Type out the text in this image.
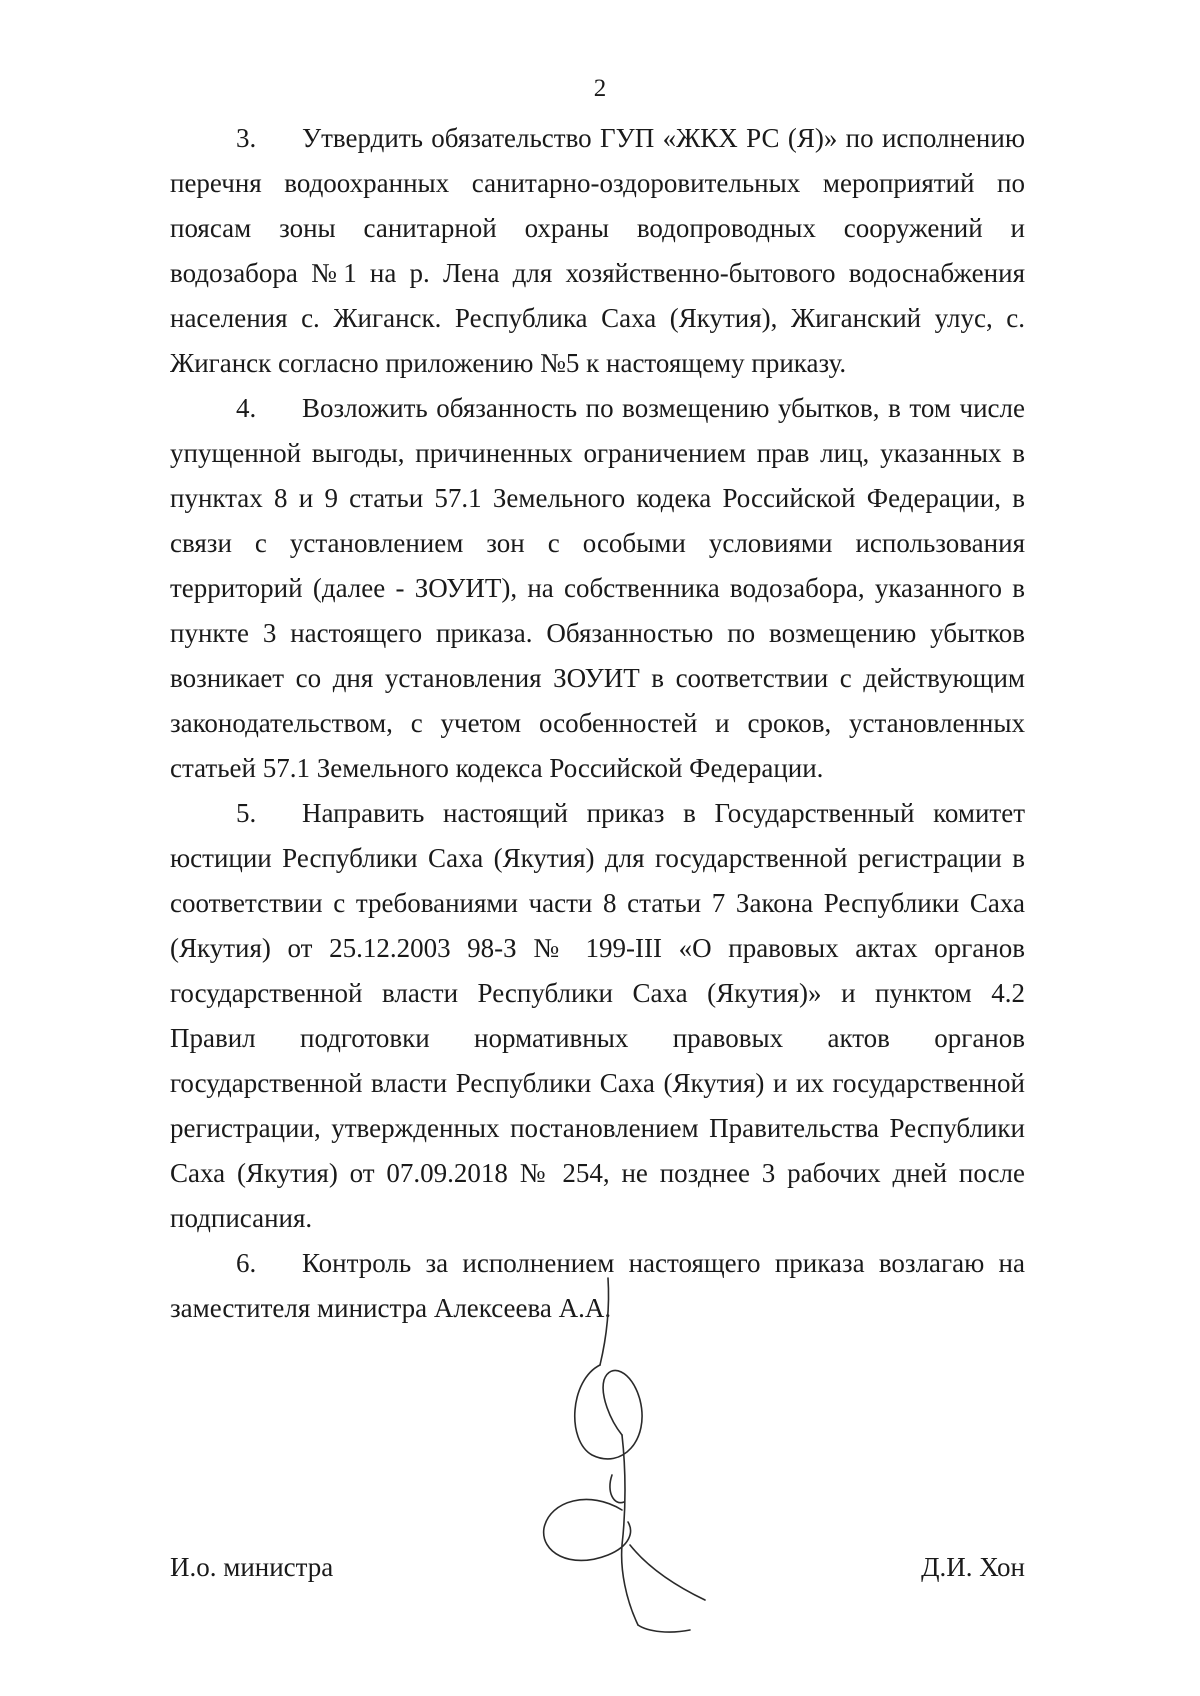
2

3. Утвердить обязательство ГУП «ЖКХ РС (Я)» по исполнению перечня водоохранных санитарно-оздоровительных мероприятий по поясам зоны санитарной охраны водопроводных сооружений и водозабора №1 на р. Лена для хозяйственно-бытового водоснабжения населения с. Жиганск. Республика Саха (Якутия), Жиганский улус, с. Жиганск согласно приложению №5 к настоящему приказу.

4. Возложить обязанность по возмещению убытков, в том числе упущенной выгоды, причиненных ограничением прав лиц, указанных в пунктах 8 и 9 статьи 57.1 Земельного кодека Российской Федерации, в связи с установлением зон с особыми условиями использования территорий (далее - ЗОУИТ), на собственника водозабора, указанного в пункте 3 настоящего приказа. Обязанностью по возмещению убытков возникает со дня установления ЗОУИТ в соответствии с действующим законодательством, с учетом особенностей и сроков, установленных статьей 57.1 Земельного кодекса Российской Федерации.

5. Направить настоящий приказ в Государственный комитет юстиции Республики Саха (Якутия) для государственной регистрации в соответствии с требованиями части 8 статьи 7 Закона Республики Саха (Якутия) от 25.12.2003 98-З № 199-III «О правовых актах органов государственной власти Республики Саха (Якутия)» и пунктом 4.2 Правил подготовки нормативных правовых актов органов государственной власти Республики Саха (Якутия) и их государственной регистрации, утвержденных постановлением Правительства Республики Саха (Якутия) от 07.09.2018 № 254, не позднее 3 рабочих дней после подписания.

6. Контроль за исполнением настоящего приказа возлагаю на заместителя министра Алексеева А.А.

И.о. министра	Д.И. Хон
